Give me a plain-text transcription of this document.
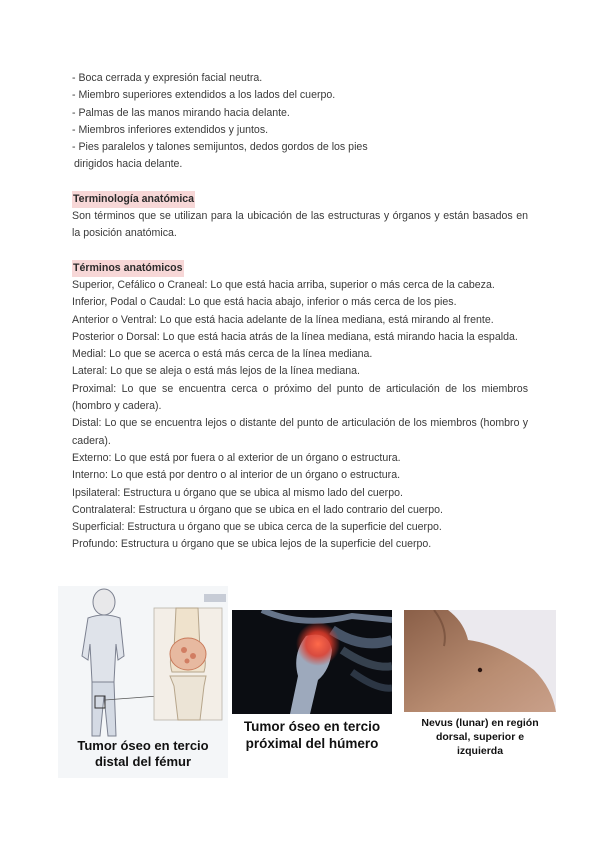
- Boca cerrada y expresión facial neutra.

- Miembro superiores extendidos a los lados del cuerpo.

- Palmas de las manos mirando hacia delante.

- Miembros inferiores extendidos y juntos.

- Pies paralelos y talones semijuntos, dedos gordos de los pies

dirigidos hacia delante.

Terminología anatómica

Son términos que se utilizan para la ubicación de las estructuras y órganos y están basados en la posición anatómica.

Términos anatómicos

Superior, Cefálico o Craneal: Lo que está hacia arriba, superior o más cerca de la cabeza.

Inferior, Podal o Caudal: Lo que está hacia abajo, inferior o más cerca de los pies.

Anterior o Ventral: Lo que está hacia adelante de la línea mediana, está mirando al frente.

Posterior o Dorsal: Lo que está hacia atrás de la línea mediana, está mirando hacia la espalda.

Medial: Lo que se acerca o está más cerca de la línea mediana.

Lateral: Lo que se aleja o está más lejos de la línea mediana.

Proximal: Lo que se encuentra cerca o próximo del punto de articulación de los miembros (hombro y cadera).

Distal: Lo que se encuentra lejos o distante del punto de articulación de los miembros (hombro y cadera).

Externo: Lo que está por fuera o al exterior de un órgano o estructura.

Interno: Lo que está por dentro o al interior de un órgano o estructura.

Ipsilateral: Estructura u órgano que se ubica al mismo lado del cuerpo.

Contralateral: Estructura u órgano que se ubica en el lado contrario del cuerpo.

Superficial: Estructura u órgano que se ubica cerca de la superficie del cuerpo.

Profundo: Estructura u órgano que se ubica lejos de la superficie del cuerpo.

Tumor óseo en tercio
distal del fémur
Tumor óseo en tercio
próximal del húmero
Nevus (lunar) en región
dorsal, superior e
izquierda
